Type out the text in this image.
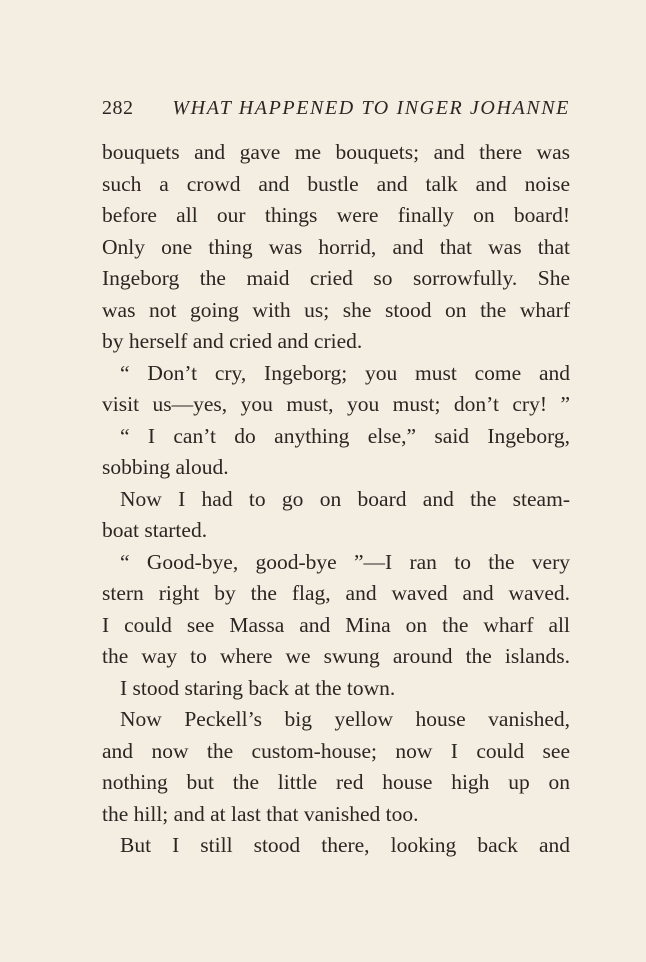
282 WHAT HAPPENED TO INGER JOHANNE
bouquets and gave me bouquets; and there was
such a crowd and bustle and talk and noise
before all our things were finally on board!
Only one thing was horrid, and that was that
Ingeborg the maid cried so sorrowfully. She
was not going with us; she stood on the wharf
by herself and cried and cried.
“ Don’t cry, Ingeborg; you must come and
visit us—yes, you must, you must; don’t cry! ”
“ I can’t do anything else,” said Ingeborg,
sobbing aloud.
Now I had to go on board and the steam-
boat started.
“ Good-bye, good-bye ”—I ran to the very
stern right by the flag, and waved and waved.
I could see Massa and Mina on the wharf all
the way to where we swung around the islands.
I stood staring back at the town.
Now Peckell’s big yellow house vanished,
and now the custom-house; now I could see
nothing but the little red house high up on
the hill; and at last that vanished too.
But I still stood there, looking back and
